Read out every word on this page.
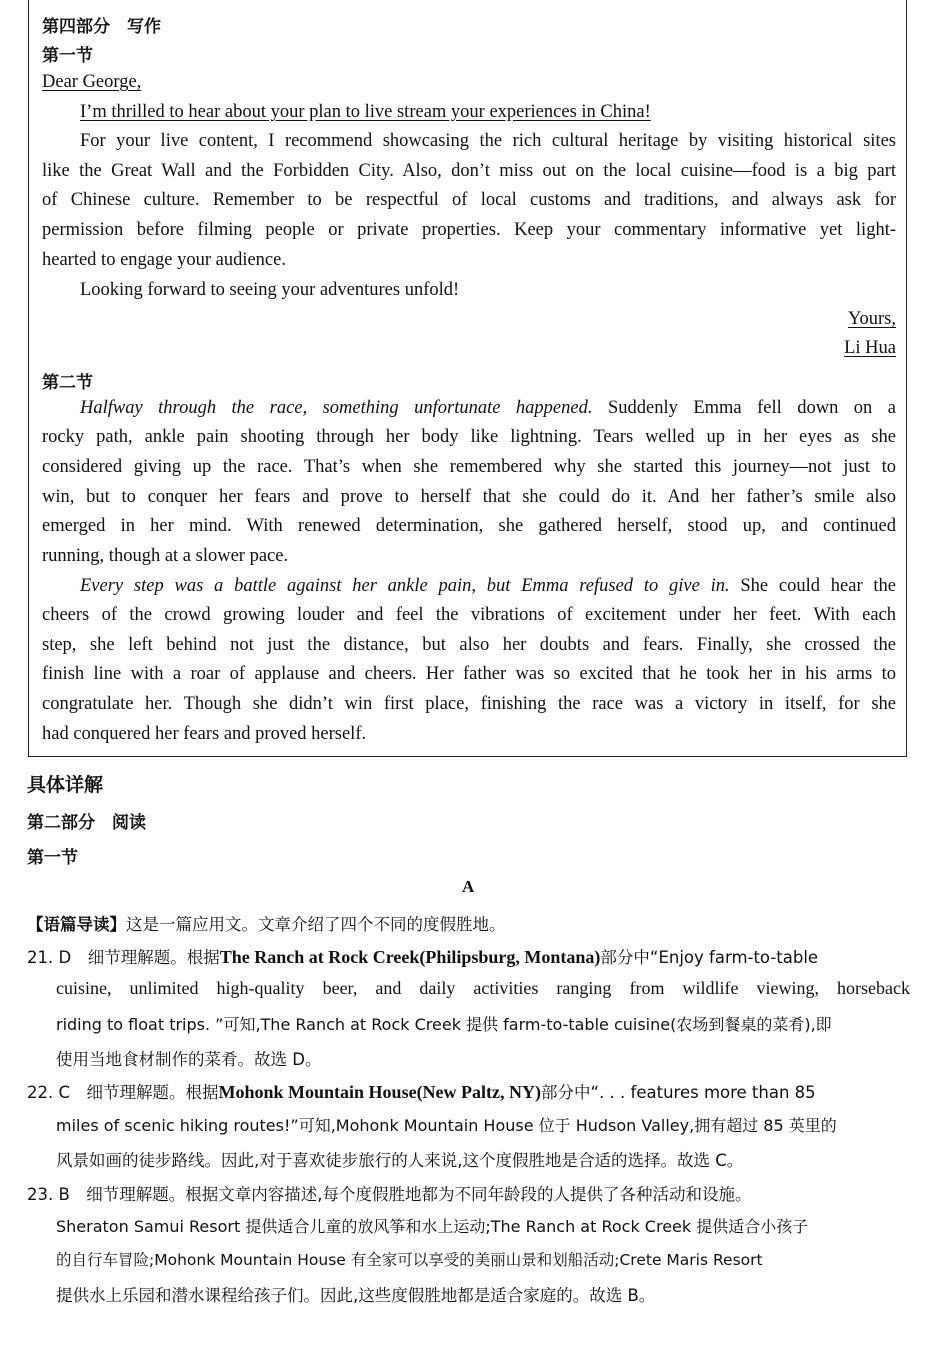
第四部分　写作
第一节
Dear George,
I’m thrilled to hear about your plan to live stream your experiences in China!
For your live content, I recommend showcasing the rich cultural heritage by visiting historical sites
like the Great Wall and the Forbidden City. Also, don’t miss out on the local cuisine—food is a big part
of Chinese culture. Remember to be respectful of local customs and traditions, and always ask for
permission before filming people or private properties. Keep your commentary informative yet light-
hearted to engage your audience.
Looking forward to seeing your adventures unfold!
Yours,
Li Hua
第二节
Halfway through the race, something unfortunate happened. Suddenly Emma fell down on a
rocky path, ankle pain shooting through her body like lightning. Tears welled up in her eyes as she
considered giving up the race. That’s when she remembered why she started this journey—not just to
win, but to conquer her fears and prove to herself that she could do it. And her father’s smile also
emerged in her mind. With renewed determination, she gathered herself, stood up, and continued
running, though at a slower pace.
Every step was a battle against her ankle pain, but Emma refused to give in. She could hear the
cheers of the crowd growing louder and feel the vibrations of excitement under her feet. With each
step, she left behind not just the distance, but also her doubts and fears. Finally, she crossed the
finish line with a roar of applause and cheers. Her father was so excited that he took her in his arms to
congratulate her. Though she didn’t win first place, finishing the race was a victory in itself, for she
had conquered her fears and proved herself.
具体详解
第二部分　阅读
第一节
A
【语篇导读】这是一篇应用文。文章介绍了四个不同的度假胜地。
21. D　细节理解题。根据The Ranch at Rock Creek(Philipsburg, Montana)部分中“Enjoy farm-to-table
cuisine, unlimited high-quality beer, and daily activities ranging from wildlife viewing, horseback
riding to float trips. ”可知,The Ranch at Rock Creek 提供 farm-to-table cuisine(农场到餐桌的菜肴),即
使用当地食材制作的菜肴。故选 D。
22. C　细节理解题。根据Mohonk Mountain House(New Paltz, NY)部分中“. . . features more than 85
miles of scenic hiking routes!”可知,Mohonk Mountain House 位于 Hudson Valley,拥有超过 85 英里的
风景如画的徒步路线。因此,对于喜欢徒步旅行的人来说,这个度假胜地是合适的选择。故选 C。
23. B　细节理解题。根据文章内容描述,每个度假胜地都为不同年龄段的人提供了各种活动和设施。
Sheraton Samui Resort 提供适合儿童的放风筝和水上运动;The Ranch at Rock Creek 提供适合小孩子
的自行车冒险;Mohonk Mountain House 有全家可以享受的美丽山景和划船活动;Crete Maris Resort
提供水上乐园和潜水课程给孩子们。因此,这些度假胜地都是适合家庭的。故选 B。
